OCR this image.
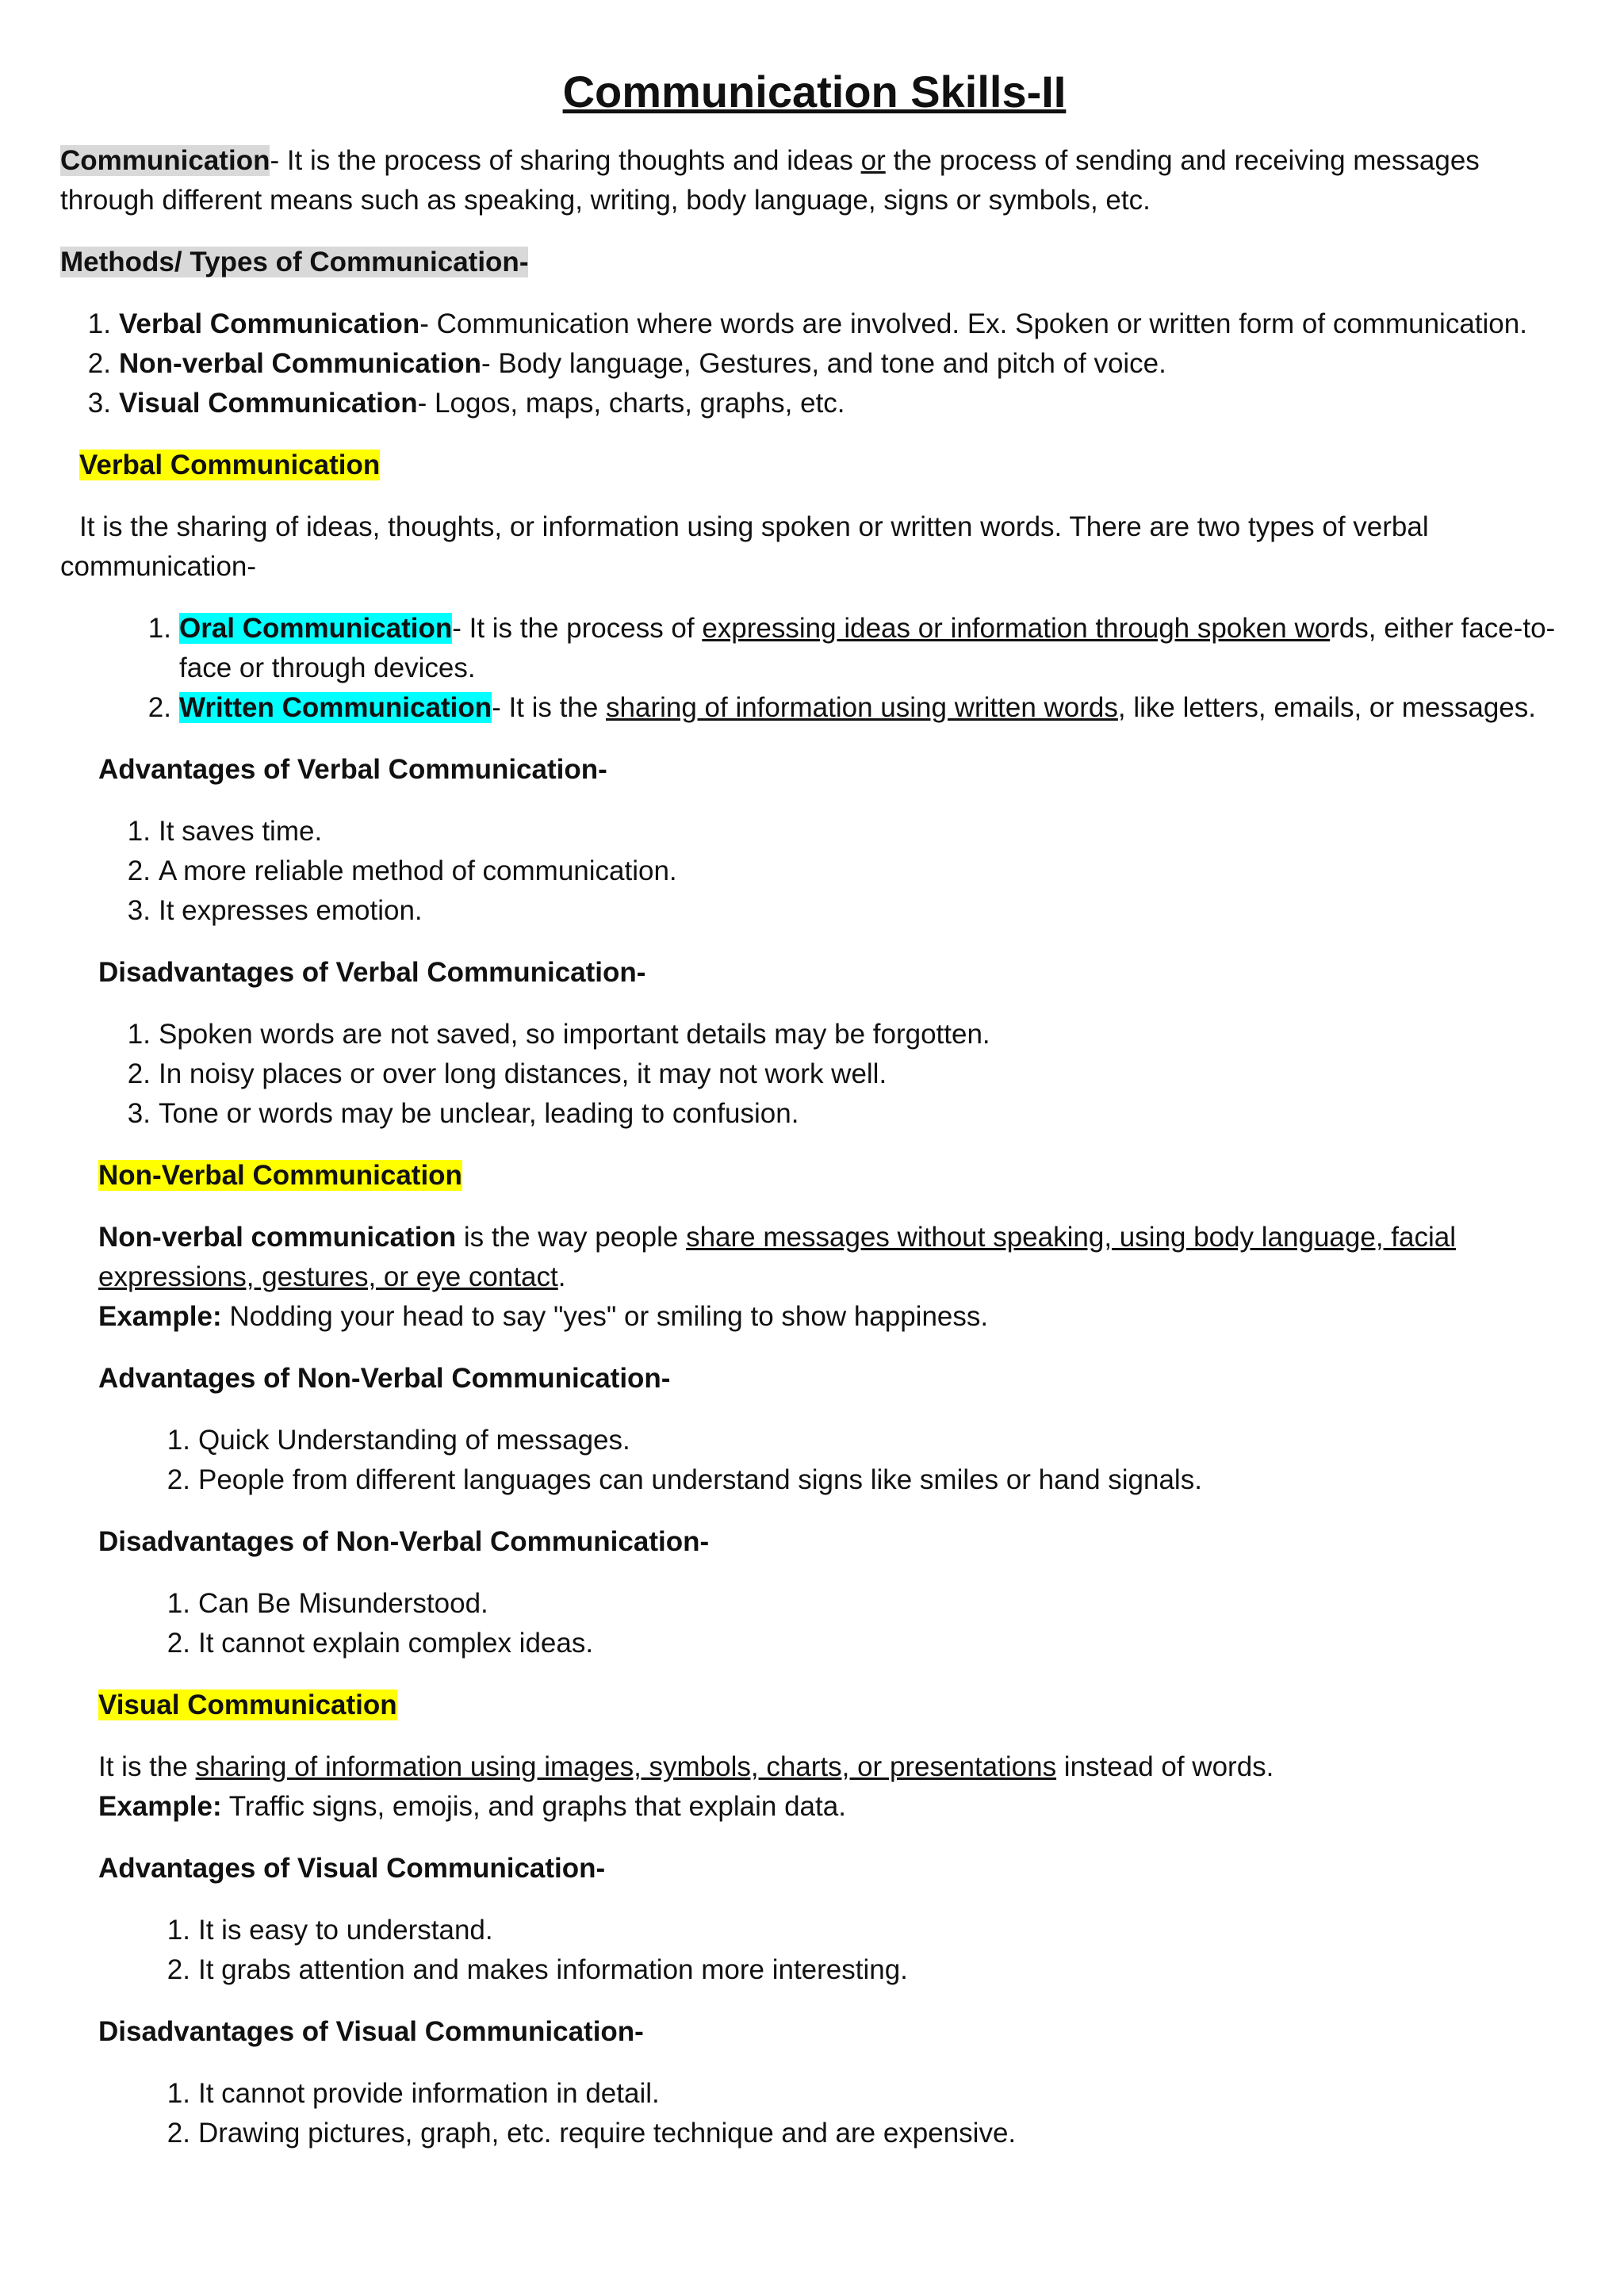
Communication Skills-II

Communication- It is the process of sharing thoughts and ideas or the process of sending and receiving messages through different means such as speaking, writing, body language, signs or symbols, etc.

Methods/ Types of Communication-

1. Verbal Communication- Communication where words are involved. Ex. Spoken or written form of communication.
2. Non-verbal Communication- Body language, Gestures, and tone and pitch of voice.
3. Visual Communication- Logos, maps, charts, graphs, etc.

Verbal Communication

It is the sharing of ideas, thoughts, or information using spoken or written words. There are two types of verbal communication-

1. Oral Communication- It is the process of expressing ideas or information through spoken words, either face-to-face or through devices.
2. Written Communication- It is the sharing of information using written words, like letters, emails, or messages.

Advantages of Verbal Communication-

1. It saves time.
2. A more reliable method of communication.
3. It expresses emotion.

Disadvantages of Verbal Communication-

1. Spoken words are not saved, so important details may be forgotten.
2. In noisy places or over long distances, it may not work well.
3. Tone or words may be unclear, leading to confusion.

Non-Verbal Communication

Non-verbal communication is the way people share messages without speaking, using body language, facial expressions, gestures, or eye contact.

Example: Nodding your head to say "yes" or smiling to show happiness.

Advantages of Non-Verbal Communication-

1. Quick Understanding of messages.
2. People from different languages can understand signs like smiles or hand signals.

Disadvantages of Non-Verbal Communication-

1. Can Be Misunderstood.
2. It cannot explain complex ideas.

Visual Communication

It is the sharing of information using images, symbols, charts, or presentations instead of words.

Example: Traffic signs, emojis, and graphs that explain data.

Advantages of Visual Communication-

1. It is easy to understand.
2. It grabs attention and makes information more interesting.

Disadvantages of Visual Communication-

1. It cannot provide information in detail.
2. Drawing pictures, graph, etc. require technique and are expensive.
